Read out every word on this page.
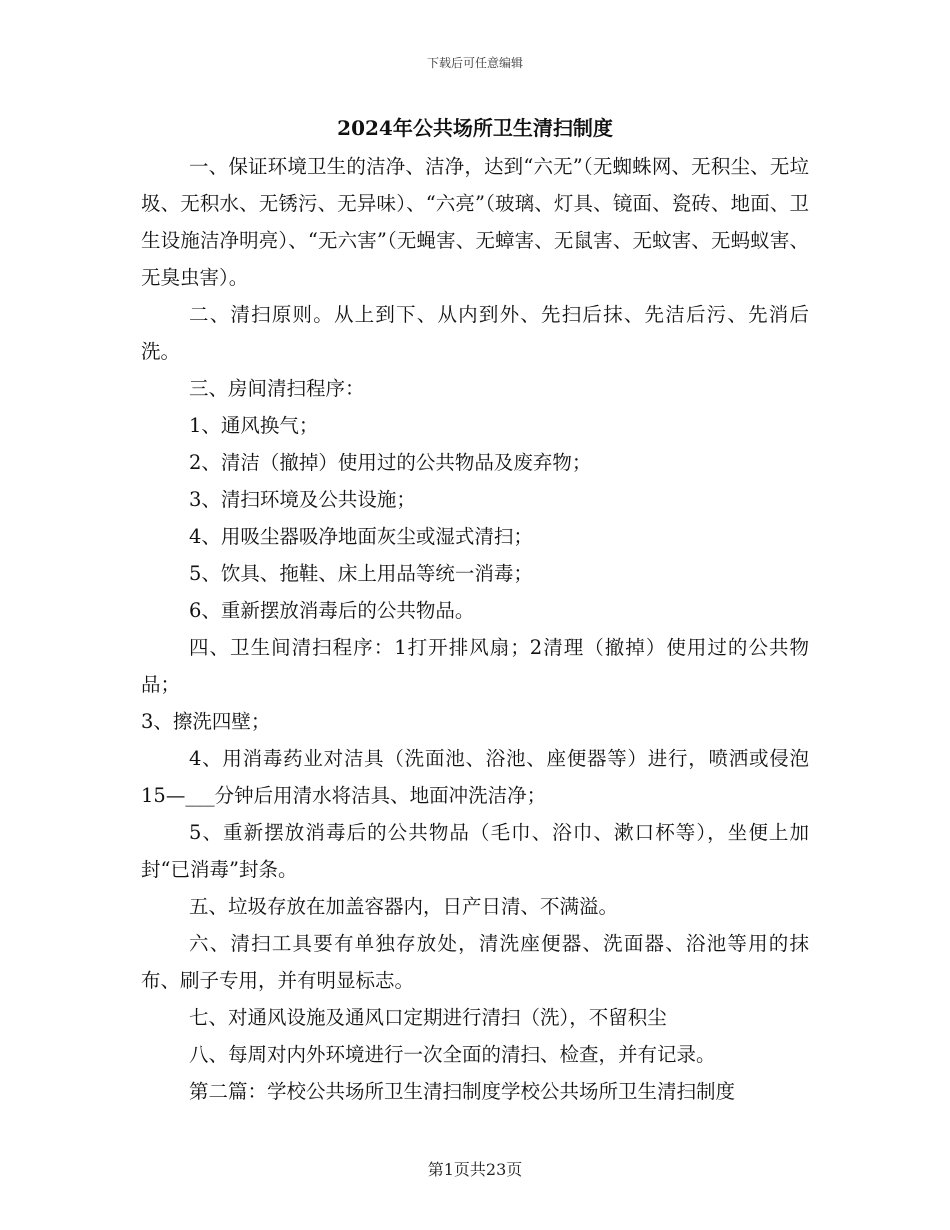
下载后可任意编辑
2024年公共场所卫生清扫制度

一、保证环境卫生的洁净、洁净，达到“六无”（无蜘蛛网、无积尘、无垃圾、无积水、无锈污、无异味）、“六亮”（玻璃、灯具、镜面、瓷砖、地面、卫生设施洁净明亮）、“无六害”（无蝇害、无蟑害、无鼠害、无蚊害、无蚂蚁害、无臭虫害）。

二、清扫原则。从上到下、从内到外、先扫后抹、先洁后污、先消后洗。

三、房间清扫程序：

1、通风换气；

2、清洁（撤掉）使用过的公共物品及废弃物；

3、清扫环境及公共设施；

4、用吸尘器吸净地面灰尘或湿式清扫；

5、饮具、拖鞋、床上用品等统一消毒；

6、重新摆放消毒后的公共物品。

四、卫生间清扫程序：1打开排风扇；2清理（撤掉）使用过的公共物品；

3、擦洗四壁；

4、用消毒药业对洁具（洗面池、浴池、座便器等）进行，喷洒或侵泡15—___分钟后用清水将洁具、地面冲洗洁净；

5、重新摆放消毒后的公共物品（毛巾、浴巾、漱口杯等），坐便上加封“已消毒”封条。

五、垃圾存放在加盖容器内，日产日清、不满溢。

六、清扫工具要有单独存放处，清洗座便器、洗面器、浴池等用的抹布、刷子专用，并有明显标志。

七、对通风设施及通风口定期进行清扫（洗），不留积尘

八、每周对内外环境进行一次全面的清扫、检查，并有记录。

第二篇：学校公共场所卫生清扫制度学校公共场所卫生清扫制度

第1页共23页
